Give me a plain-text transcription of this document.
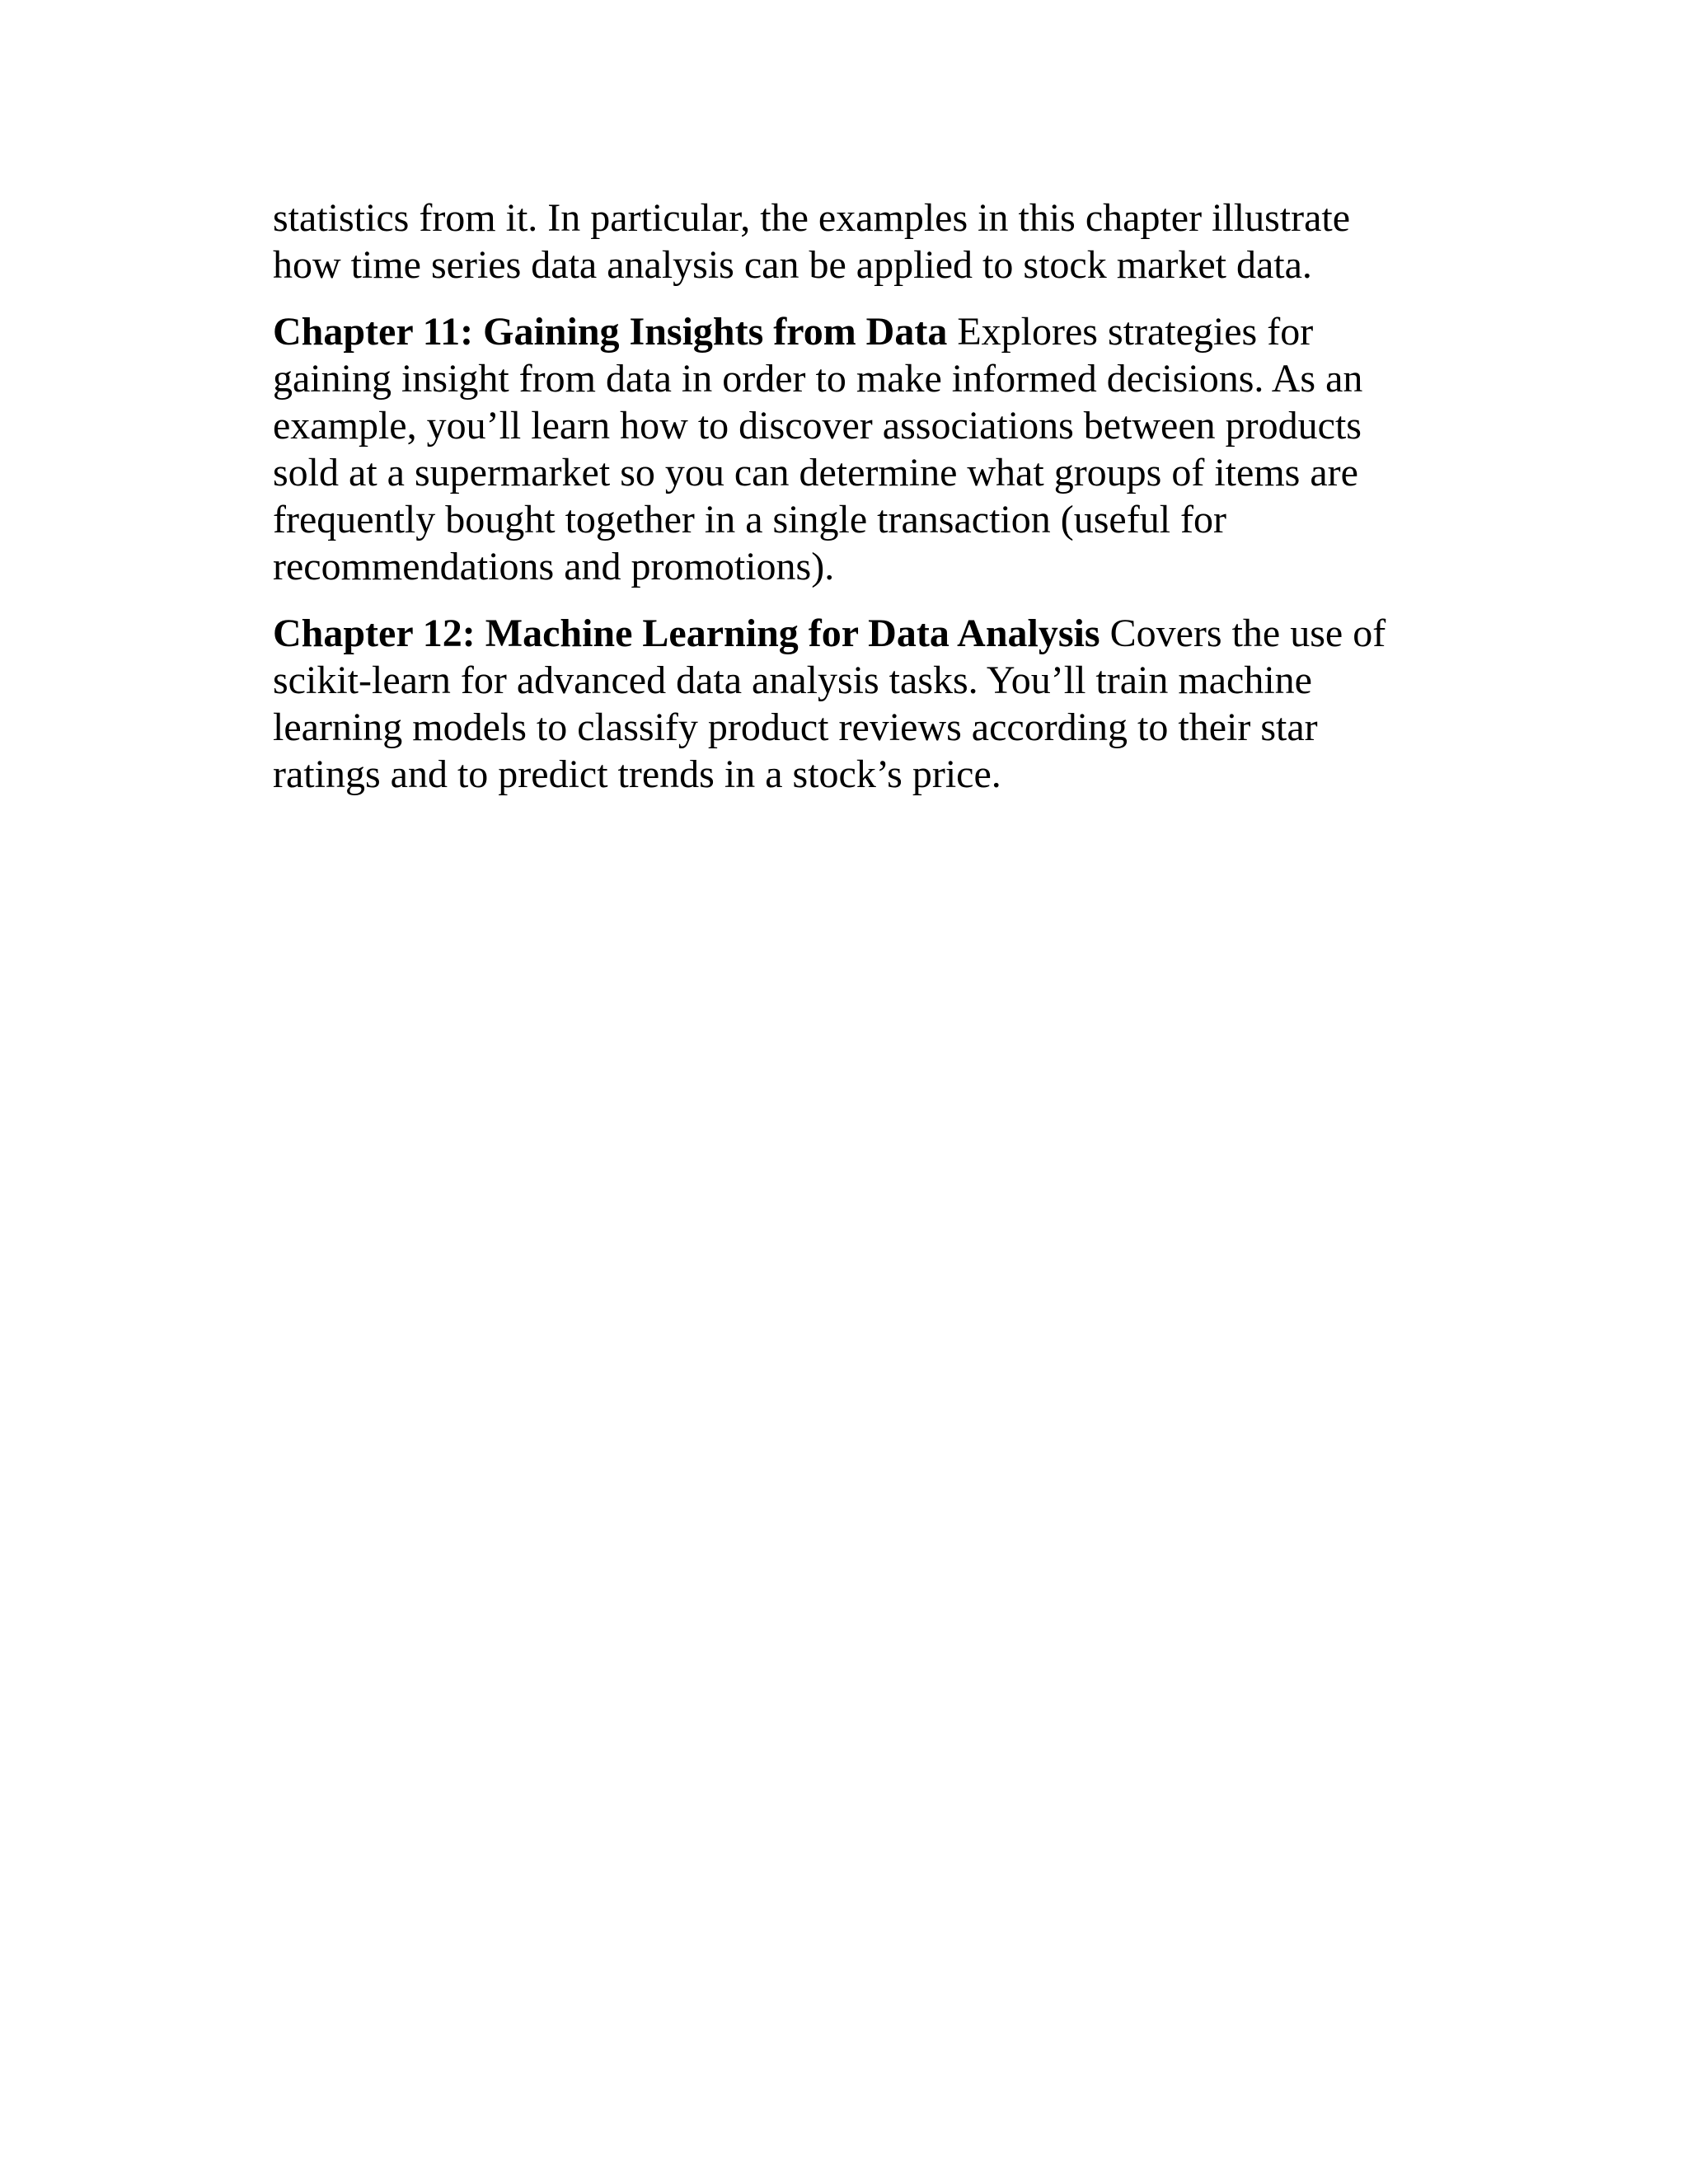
statistics from it. In particular, the examples in this chapter illustrate
how time series data analysis can be applied to stock market data.

Chapter 11: Gaining Insights from Data Explores strategies for
gaining insight from data in order to make informed decisions. As an
example, you’ll learn how to discover associations between products
sold at a supermarket so you can determine what groups of items are
frequently bought together in a single transaction (useful for
recommendations and promotions).

Chapter 12: Machine Learning for Data Analysis Covers the use of
scikit-learn for advanced data analysis tasks. You’ll train machine
learning models to classify product reviews according to their star
ratings and to predict trends in a stock’s price.
